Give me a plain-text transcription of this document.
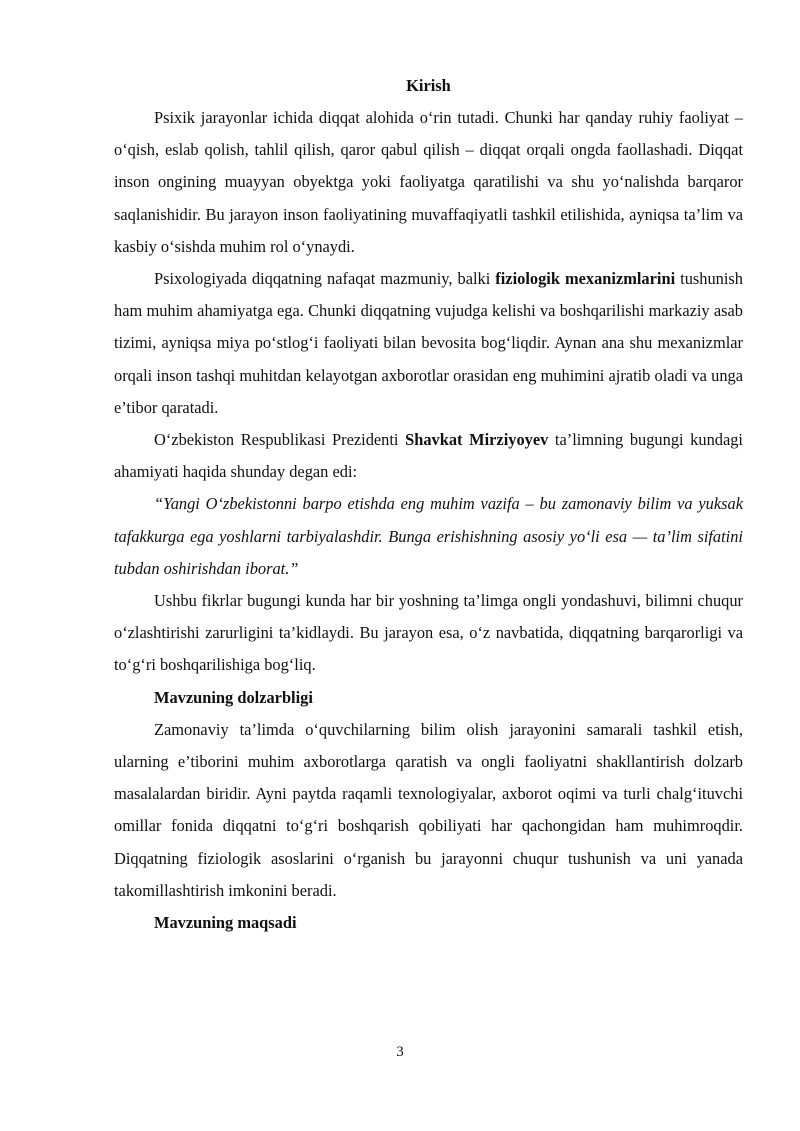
Kirish

Psixik jarayonlar ichida diqqat alohida o‘rin tutadi. Chunki har qanday ruhiy faoliyat – o‘qish, eslab qolish, tahlil qilish, qaror qabul qilish – diqqat orqali ongda faollashadi. Diqqat inson ongining muayyan obyektga yoki faoliyatga qaratilishi va shu yo‘nalishda barqaror saqlanishidir. Bu jarayon inson faoliyatining muvaffaqiyatli tashkil etilishida, ayniqsa ta’lim va kasbiy o‘sishda muhim rol o‘ynaydi.

Psixologiyada diqqatning nafaqat mazmuniy, balki fiziologik mexanizmlarini tushunish ham muhim ahamiyatga ega. Chunki diqqatning vujudga kelishi va boshqarilishi markaziy asab tizimi, ayniqsa miya po‘stlog‘i faoliyati bilan bevosita bog‘liqdir. Aynan ana shu mexanizmlar orqali inson tashqi muhitdan kelayotgan axborotlar orasidan eng muhimini ajratib oladi va unga e’tibor qaratadi.

O‘zbekiston Respublikasi Prezidenti Shavkat Mirziyoyev ta’limning bugungi kundagi ahamiyati haqida shunday degan edi:

“Yangi O‘zbekistonni barpo etishda eng muhim vazifa – bu zamonaviy bilim va yuksak tafakkurga ega yoshlarni tarbiyalashdir. Bunga erishishning asosiy yo‘li esa — ta’lim sifatini tubdan oshirishdan iborat.”

Ushbu fikrlar bugungi kunda har bir yoshning ta’limga ongli yondashuvi, bilimni chuqur o‘zlashtirishi zarurligini ta’kidlaydi. Bu jarayon esa, o‘z navbatida, diqqatning barqarorligi va to‘g‘ri boshqarilishiga bog‘liq.

Mavzuning dolzarbligi

Zamonaviy ta’limda o‘quvchilarning bilim olish jarayonini samarali tashkil etish, ularning e’tiborini muhim axborotlarga qaratish va ongli faoliyatni shakllantirish dolzarb masalalardan biridir. Ayni paytda raqamli texnologiyalar, axborot oqimi va turli chalg‘ituvchi omillar fonida diqqatni to‘g‘ri boshqarish qobiliyati har qachongidan ham muhimroqdir. Diqqatning fiziologik asoslarini o‘rganish bu jarayonni chuqur tushunish va uni yanada takomillashtirish imkonini beradi.

Mavzuning maqsadi

3
